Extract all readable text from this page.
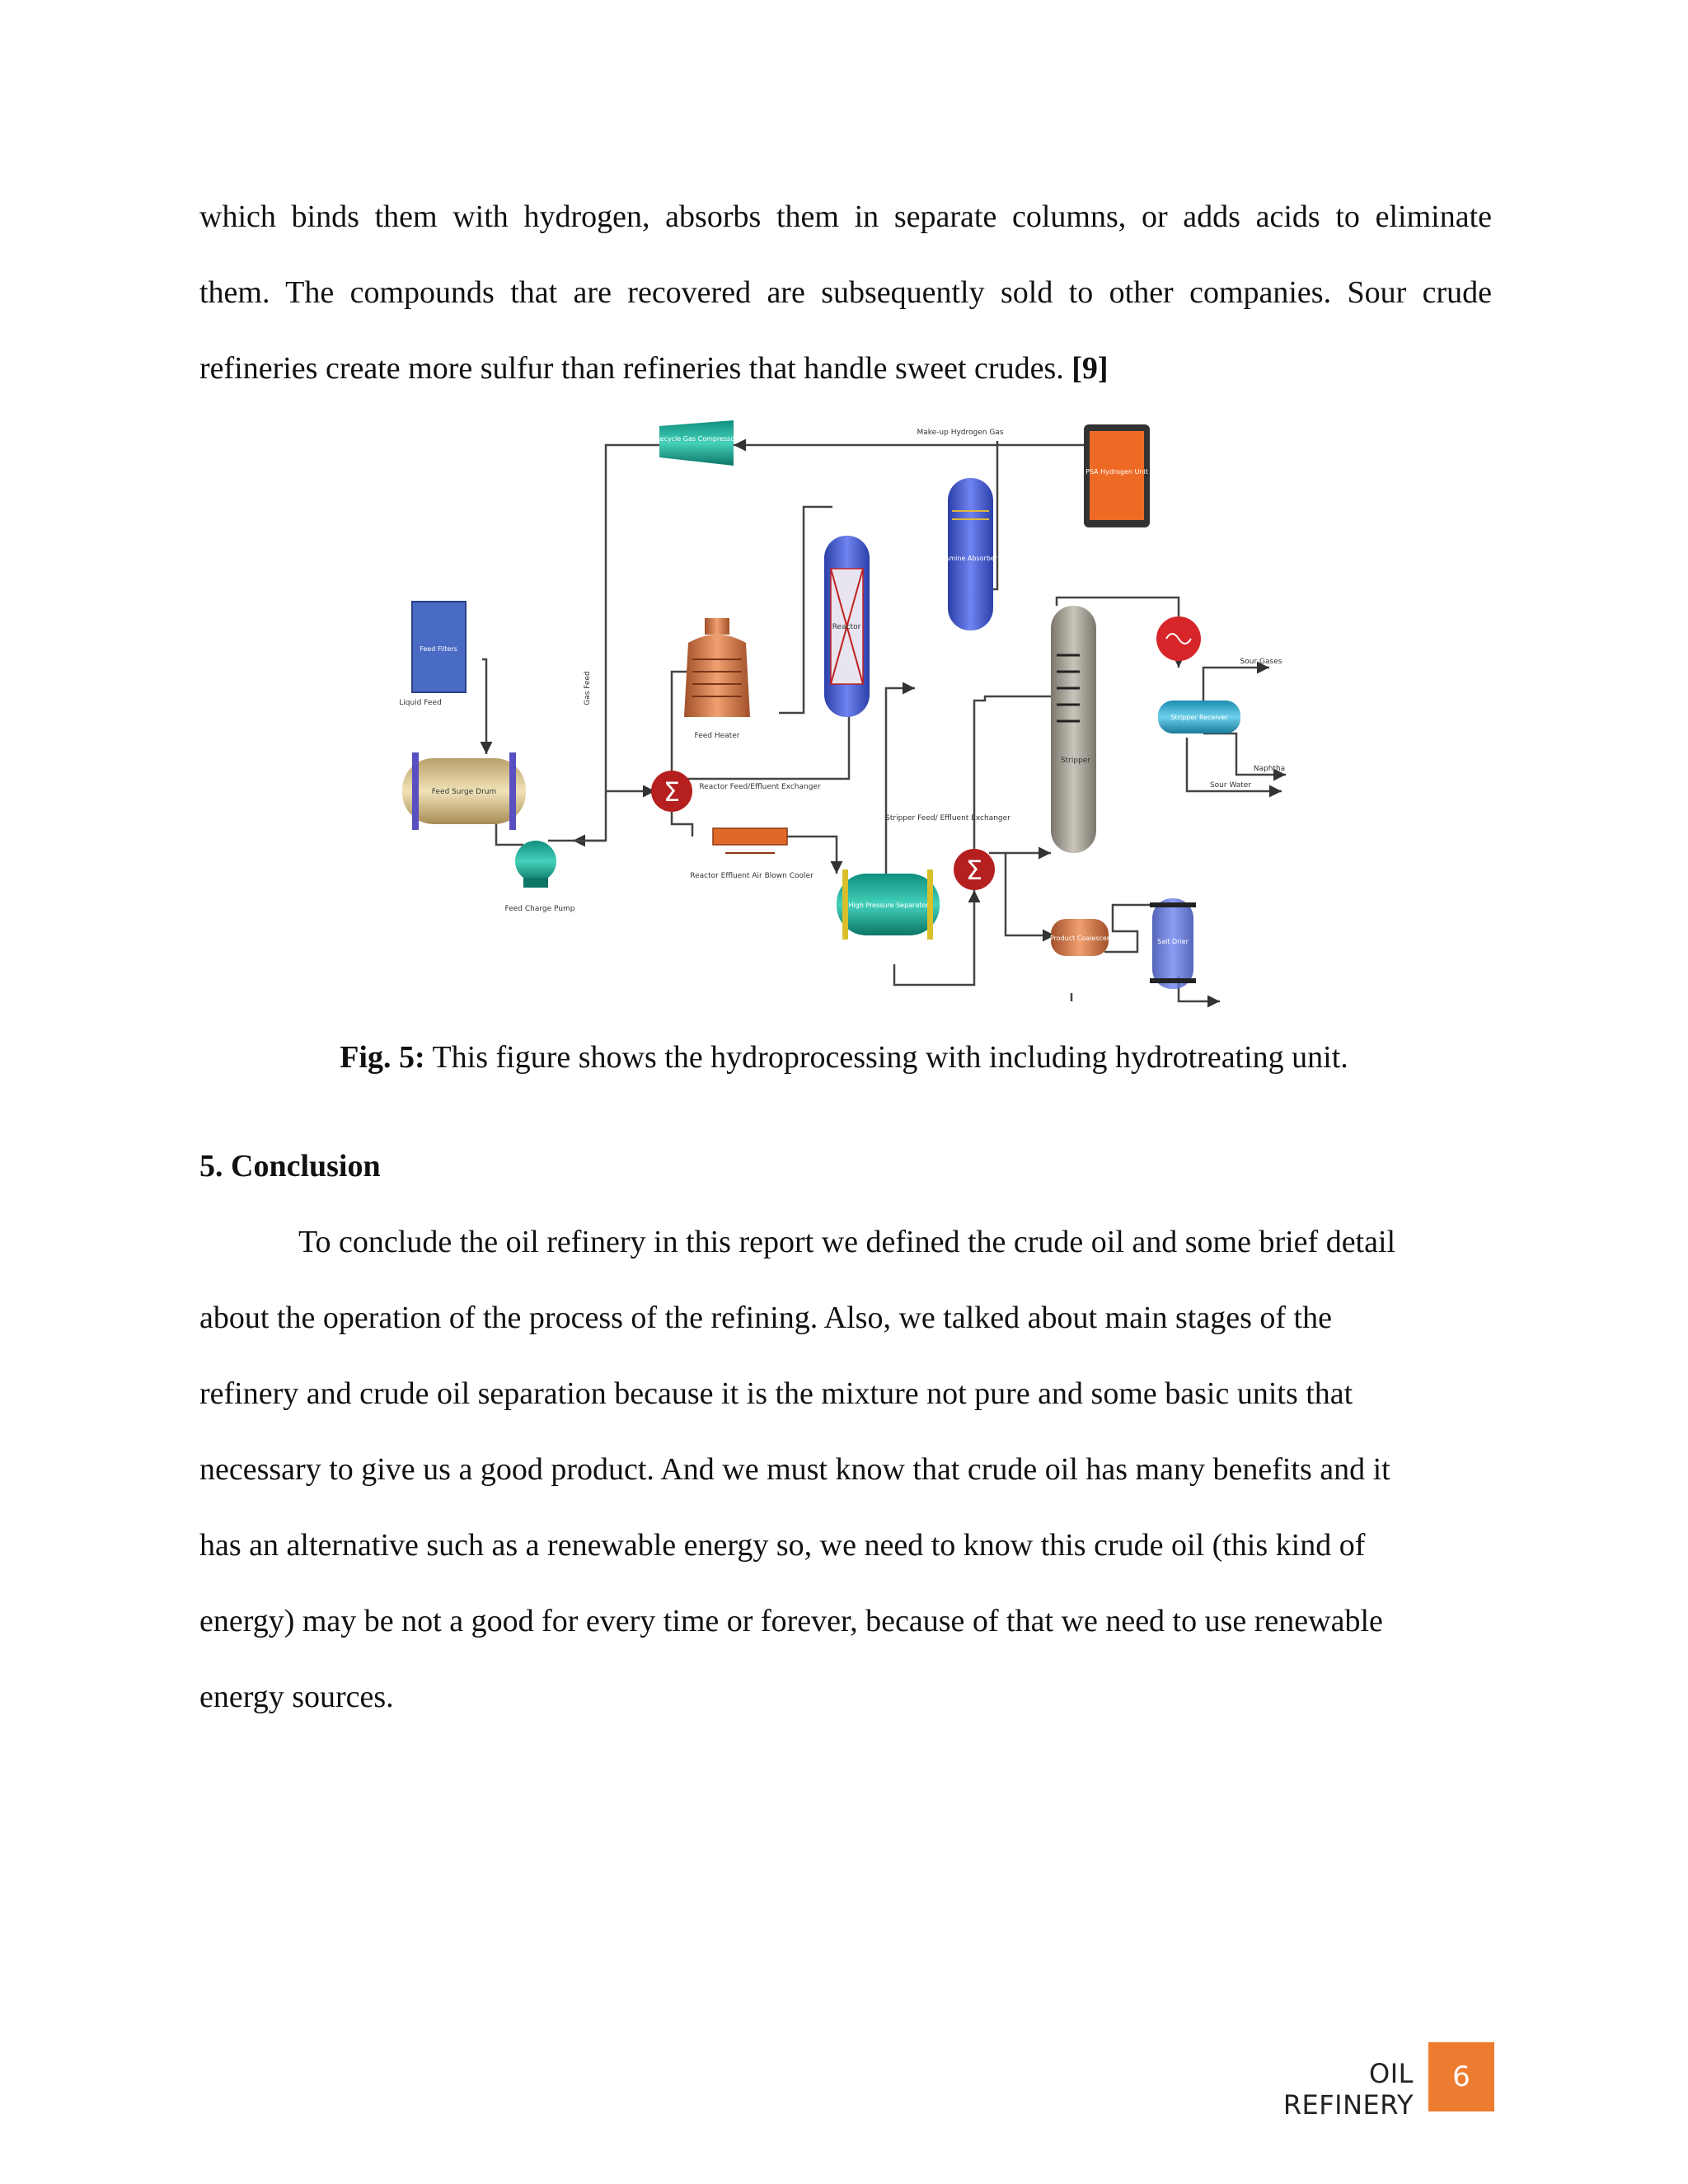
which binds them with hydrogen, absorbs them in separate columns, or adds acids to eliminate
them. The compounds that are recovered are subsequently sold to other companies. Sour crude
refineries create more sulfur than refineries that handle sweet crudes. [9]
Recycle Gas Compressor
Make-up Hydrogen Gas
PSA Hydrogen Unit
Amine Absorber
Reactor
Feed Filters
Liquid Feed	Gas Feed
Feed Heater
Feed Surge Drum
Feed Charge Pump
Σ	Reactor Feed/Effluent Exchanger
Reactor Effluent Air Blown Cooler
High Pressure Separator
Stripper
Sour Gases
Stripper Receiver
Naphtha
Sour Water
Σ
Stripper Feed/ Effluent Exchanger
Product Coalescer	Salt Drier
Fig. 5: This figure shows the hydroprocessing with including hydrotreating unit.
5. Conclusion
To conclude the oil refinery in this report we defined the crude oil and some brief detail
about the operation of the process of the refining. Also, we talked about main stages of the
refinery and crude oil separation because it is the mixture not pure and some basic units that
necessary to give us a good product. And we must know that crude oil has many benefits and it
has an alternative such as a renewable energy so, we need to know this crude oil (this kind of
energy) may be not a good for every time or forever, because of that we need to use renewable
energy sources.
OIL REFINERY
6
